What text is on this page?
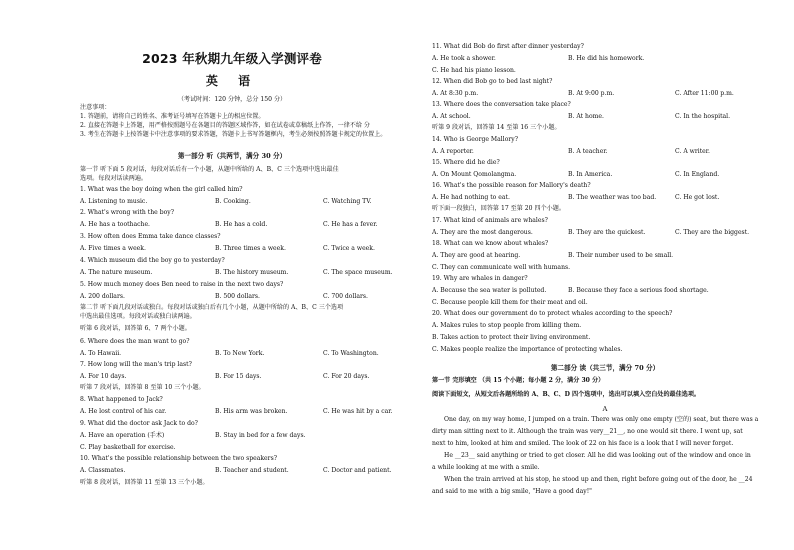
2023 年秋期九年级入学测评卷
英 语
（考试时间：120 分钟，总分 150 分）
注意事项：
1. 答题前，请将自己的姓名、准考证号填写在答题卡上的相应位置。
2. 直接在答题卡上答题，用严格按照题号在各题目的答题区域作答，如在试卷或草稿纸上作答，一律不给 分
3. 考生在答题卡上按答题卡中注意事项的要求答题，答题卡上书写答题框内，考生必须按照答题卡规定的位置上。
第一部分 听（共两节，满分 30 分）
第一节 听下面 5 段对话，每段对话后有一个小题，从题中所给的 A、B、C 三个选项中选出最佳
选项。每段对话读两遍。
1. What was the boy doing when the girl called him?
A. Listening to music.	B. Cooking.	C. Watching TV.
2. What's wrong with the boy?
A. He has a toothache.	B. He has a cold.	C. He has a fever.
3. How often does Emma take dance classes?
A. Five times a week.	B. Three times a week.	C. Twice a week.
4. Which museum did the boy go to yesterday?
A. The nature museum.	B. The history museum.	C. The space museum.
5. How much money does Ben need to raise in the next two days?
A. 200 dollars.	B. 500 dollars.	C. 700 dollars.
第二节 听下面几段对话或独白。每段对话或独白后有几个小题，从题中所给的 A、B、C 三个选项
中选出最佳选项。每段对话或独白读两遍。
听第 6 段对话，回答第 6、7 两个小题。
6. Where does the man want to go?
A. To Hawaii.	B. To New York.	C. To Washington.
7. How long will the man's trip last?
A. For 10 days.	B. For 15 days.	C. For 20 days.
听第 7 段对话，回答第 8 至第 10 三个小题。
8. What happened to Jack?
A. He lost control of his car.	B. His arm was broken.	C. He was hit by a car.
9. What did the doctor ask Jack to do?
A. Have an operation (手术)	B. Stay in bed for a few days.
C. Play basketball for exercise.
10. What's the possible relationship between the two speakers?
A. Classmates.	B. Teacher and student.	C. Doctor and patient.
听第 8 段对话，回答第 11 至第 13 三个小题。
11. What did Bob do first after dinner yesterday?
A. He took a shower.	B. He did his homework.
C. He had his piano lesson.
12. When did Bob go to bed last night?
A. At 8:30 p.m.	B. At 9:00 p.m.	C. After 11:00 p.m.
13. Where does the conversation take place?
A. At school.	B. At home.	C. In the hospital.
听第 9 段对话，回答第 14 至第 16 三个小题。
14. Who is George Mallory?
A. A reporter.	B. A teacher.	C. A writer.
15. Where did he die?
A. On Mount Qomolangma.	B. In America.	C. In England.
16. What's the possible reason for Mallory's death?
A. He had nothing to eat.	B. The weather was too bad.	C. He got lost.
听下面一段独白，回答第 17 至第 20 四个小题。
17. What kind of animals are whales?
A. They are the most dangerous.	B. They are the quickest.	C. They are the biggest.
18. What can we know about whales?
A. They are good at hearing.	B. Their number used to be small.
C. They can communicate well with humans.
19. Why are whales in danger?
A. Because the sea water is polluted.	B. Because they face a serious food shortage.
C. Because people kill them for their meat and oil.
20. What does our government do to protect whales according to the speech?
A. Makes rules to stop people from killing them.
B. Takes action to protect their living environment.
C. Makes people realize the importance of protecting whales.
第二部分 读（共三节，满分 70 分）
第一节 完形填空 （共 15 个小题；每小题 2 分，满分 30 分）
阅读下面短文，从短文后各题所给的 A、B、C、D 四个选项中，选出可以填入空白处的最佳选项。
A
One day, on my way home, I jumped on a train. There was only one empty (空的) seat, but there was a
dirty man sitting next to it. Although the train was very__21__, no one would sit there. I went up, sat
next to him, looked at him and smiled. The look of 22 on his face is a look that I will never forget.
He __23__ said anything or tried to get closer. All he did was looking out of the window and once in
a while looking at me with a smile.
When the train arrived at his stop, he stood up and then, right before going out of the door, he __24
and said to me with a big smile, "Have a good day!"
